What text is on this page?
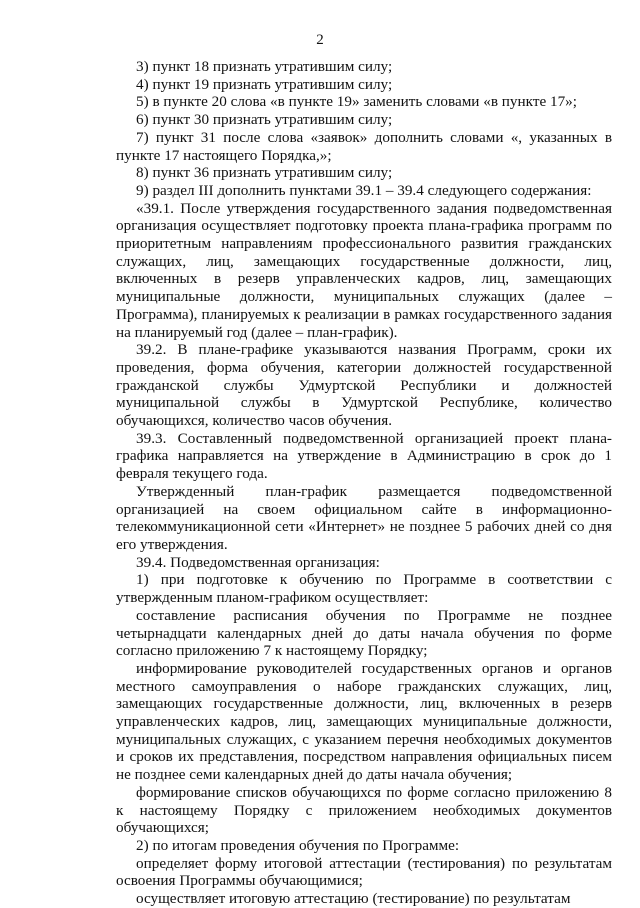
2

3) пункт 18 признать утратившим силу;

4) пункт 19 признать утратившим силу;

5) в пункте 20 слова «в пункте 19» заменить словами «в пункте 17»;

6) пункт 30 признать утратившим силу;

7) пункт 31 после слова «заявок» дополнить словами «, указанных в пункте 17 настоящего Порядка,»;

8) пункт 36 признать утратившим силу;

9) раздел III дополнить пунктами 39.1 – 39.4 следующего содержания:

«39.1. После утверждения государственного задания подведомственная организация осуществляет подготовку проекта плана-графика программ по приоритетным направлениям профессионального развития гражданских служащих, лиц, замещающих государственные должности, лиц, включенных в резерв управленческих кадров, лиц, замещающих муниципальные должности, муниципальных служащих (далее – Программа), планируемых к реализации в рамках государственного задания на планируемый год (далее – план-график).

39.2. В плане-графике указываются названия Программ, сроки их проведения, форма обучения, категории должностей государственной гражданской службы Удмуртской Республики и должностей муниципальной службы в Удмуртской Республике, количество обучающихся, количество часов обучения.

39.3. Составленный подведомственной организацией проект плана-графика направляется на утверждение в Администрацию в срок до 1 февраля текущего года.

Утвержденный план-график размещается подведомственной организацией на своем официальном сайте в информационно-телекоммуникационной сети «Интернет» не позднее 5 рабочих дней со дня его утверждения.

39.4. Подведомственная организация:

1) при подготовке к обучению по Программе в соответствии с утвержденным планом-графиком осуществляет:

составление расписания обучения по Программе не позднее четырнадцати календарных дней до даты начала обучения по форме согласно приложению 7 к настоящему Порядку;

информирование руководителей государственных органов и органов местного самоуправления о наборе гражданских служащих, лиц, замещающих государственные должности, лиц, включенных в резерв управленческих кадров, лиц, замещающих муниципальные должности, муниципальных служащих, с указанием перечня необходимых документов и сроков их представления, посредством направления официальных писем не позднее семи календарных дней до даты начала обучения;

формирование списков обучающихся по форме согласно приложению 8 к настоящему Порядку с приложением необходимых документов обучающихся;

2) по итогам проведения обучения по Программе:

определяет форму итоговой аттестации (тестирования) по результатам освоения Программы обучающимися;

осуществляет итоговую аттестацию (тестирование) по результатам
